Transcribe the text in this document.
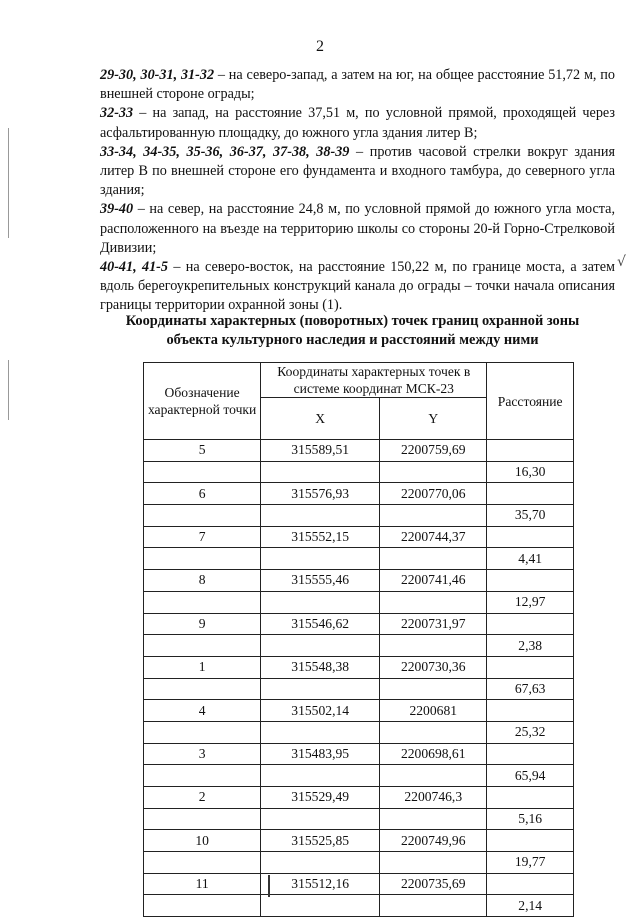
2

29-30, 30-31, 31-32 – на северо-запад, а затем на юг, на общее расстояние 51,72 м, по внешней стороне ограды;

32-33 – на запад, на расстояние 37,51 м, по условной прямой, проходящей через асфальтированную площадку, до южного угла здания литер В;

33-34, 34-35, 35-36, 36-37, 37-38, 38-39 – против часовой стрелки вокруг здания литер В по внешней стороне его фундамента и входного тамбура, до северного угла здания;

39-40 – на север, на расстояние 24,8 м, по условной прямой до южного угла моста, расположенного на въезде на территорию школы со стороны 20-й Горно-Стрелковой Дивизии;

40-41, 41-5 – на северо-восток, на расстояние 150,22 м, по границе моста, а затем вдоль берегоукрепительных конструкций канала до ограды – точки начала описания границы территории охранной зоны (1).

√
Координаты характерных (поворотных) точек границ охранной зоны
объекта культурного наследия и расстояний между ними
Обозначение характерной точки	Координаты характерных точек в системе координат МСК-23		Расстояние
	X	Y	
5	315589,51	2200759,69	
			16,30
6	315576,93	2200770,06	
			35,70
7	315552,15	2200744,37	
			4,41
8	315555,46	2200741,46	
			12,97
9	315546,62	2200731,97	
			2,38
1	315548,38	2200730,36	
			67,63
4	315502,14	2200681	
			25,32
3	315483,95	2200698,61	
			65,94
2	315529,49	2200746,3	
			5,16
10	315525,85	2200749,96	
			19,77
11	315512,16	2200735,69	
			2,14
